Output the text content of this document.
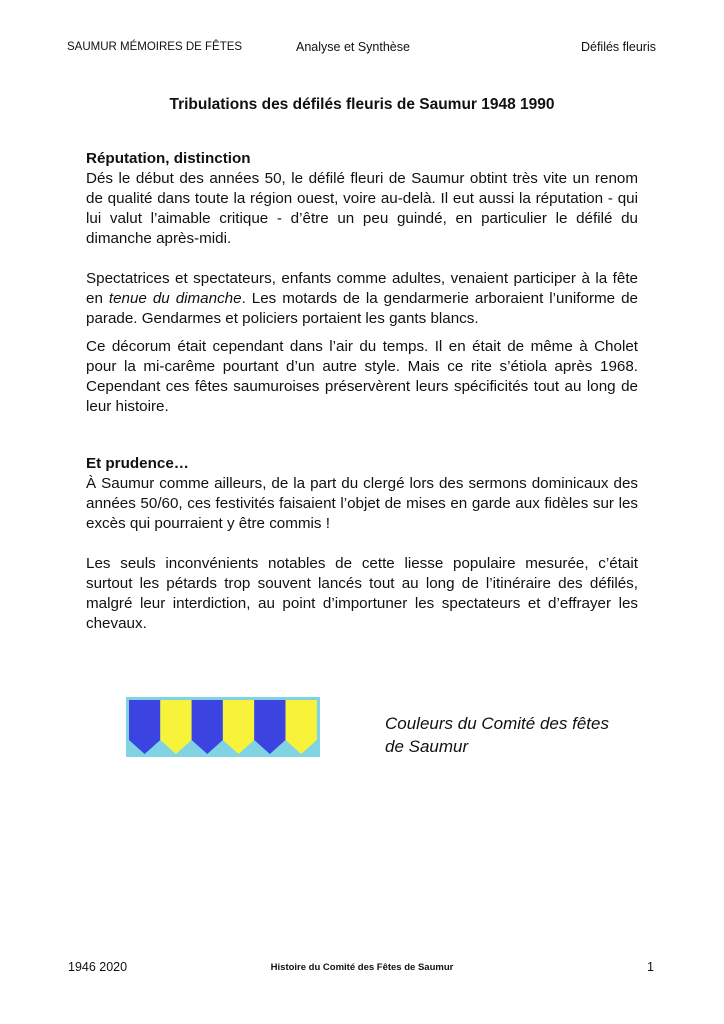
SAUMUR MÉMOIRES DE FÊTES	Analyse et Synthèse	Défilés fleuris
Tribulations des défilés fleuris de Saumur 1948 1990
Réputation, distinction

Dés le début des années 50, le défilé fleuri de Saumur obtint très vite un renom de qualité dans toute la région ouest, voire au-delà. Il eut aussi la réputation - qui lui valut l’aimable critique - d’être un peu guindé, en particulier le défilé du dimanche après-midi.

Spectatrices et spectateurs, enfants comme adultes, venaient participer à la fête en tenue du dimanche. Les motards de la gendarmerie arboraient l’uniforme de parade. Gendarmes et policiers portaient les gants blancs.

Ce décorum était cependant dans l’air du temps. Il en était de même à Cholet pour la mi-carême pourtant d’un autre style. Mais ce rite s’étiola après 1968. Cependant ces fêtes saumuroises préservèrent leurs spécificités tout au long de leur histoire.

Et prudence…

À Saumur comme ailleurs, de la part du clergé lors des sermons dominicaux des années 50/60, ces festivités faisaient l’objet de mises en garde aux fidèles sur les excès qui pourraient y être commis !

Les seuls inconvénients notables de cette liesse populaire mesurée, c’était surtout les pétards trop souvent lancés tout au long de l’itinéraire des défilés, malgré leur interdiction, au point d’importuner les spectateurs et d’effrayer les chevaux.

Couleurs du Comité des fêtes
de Saumur
1946 2020	Histoire du Comité des Fêtes de Saumur	1
